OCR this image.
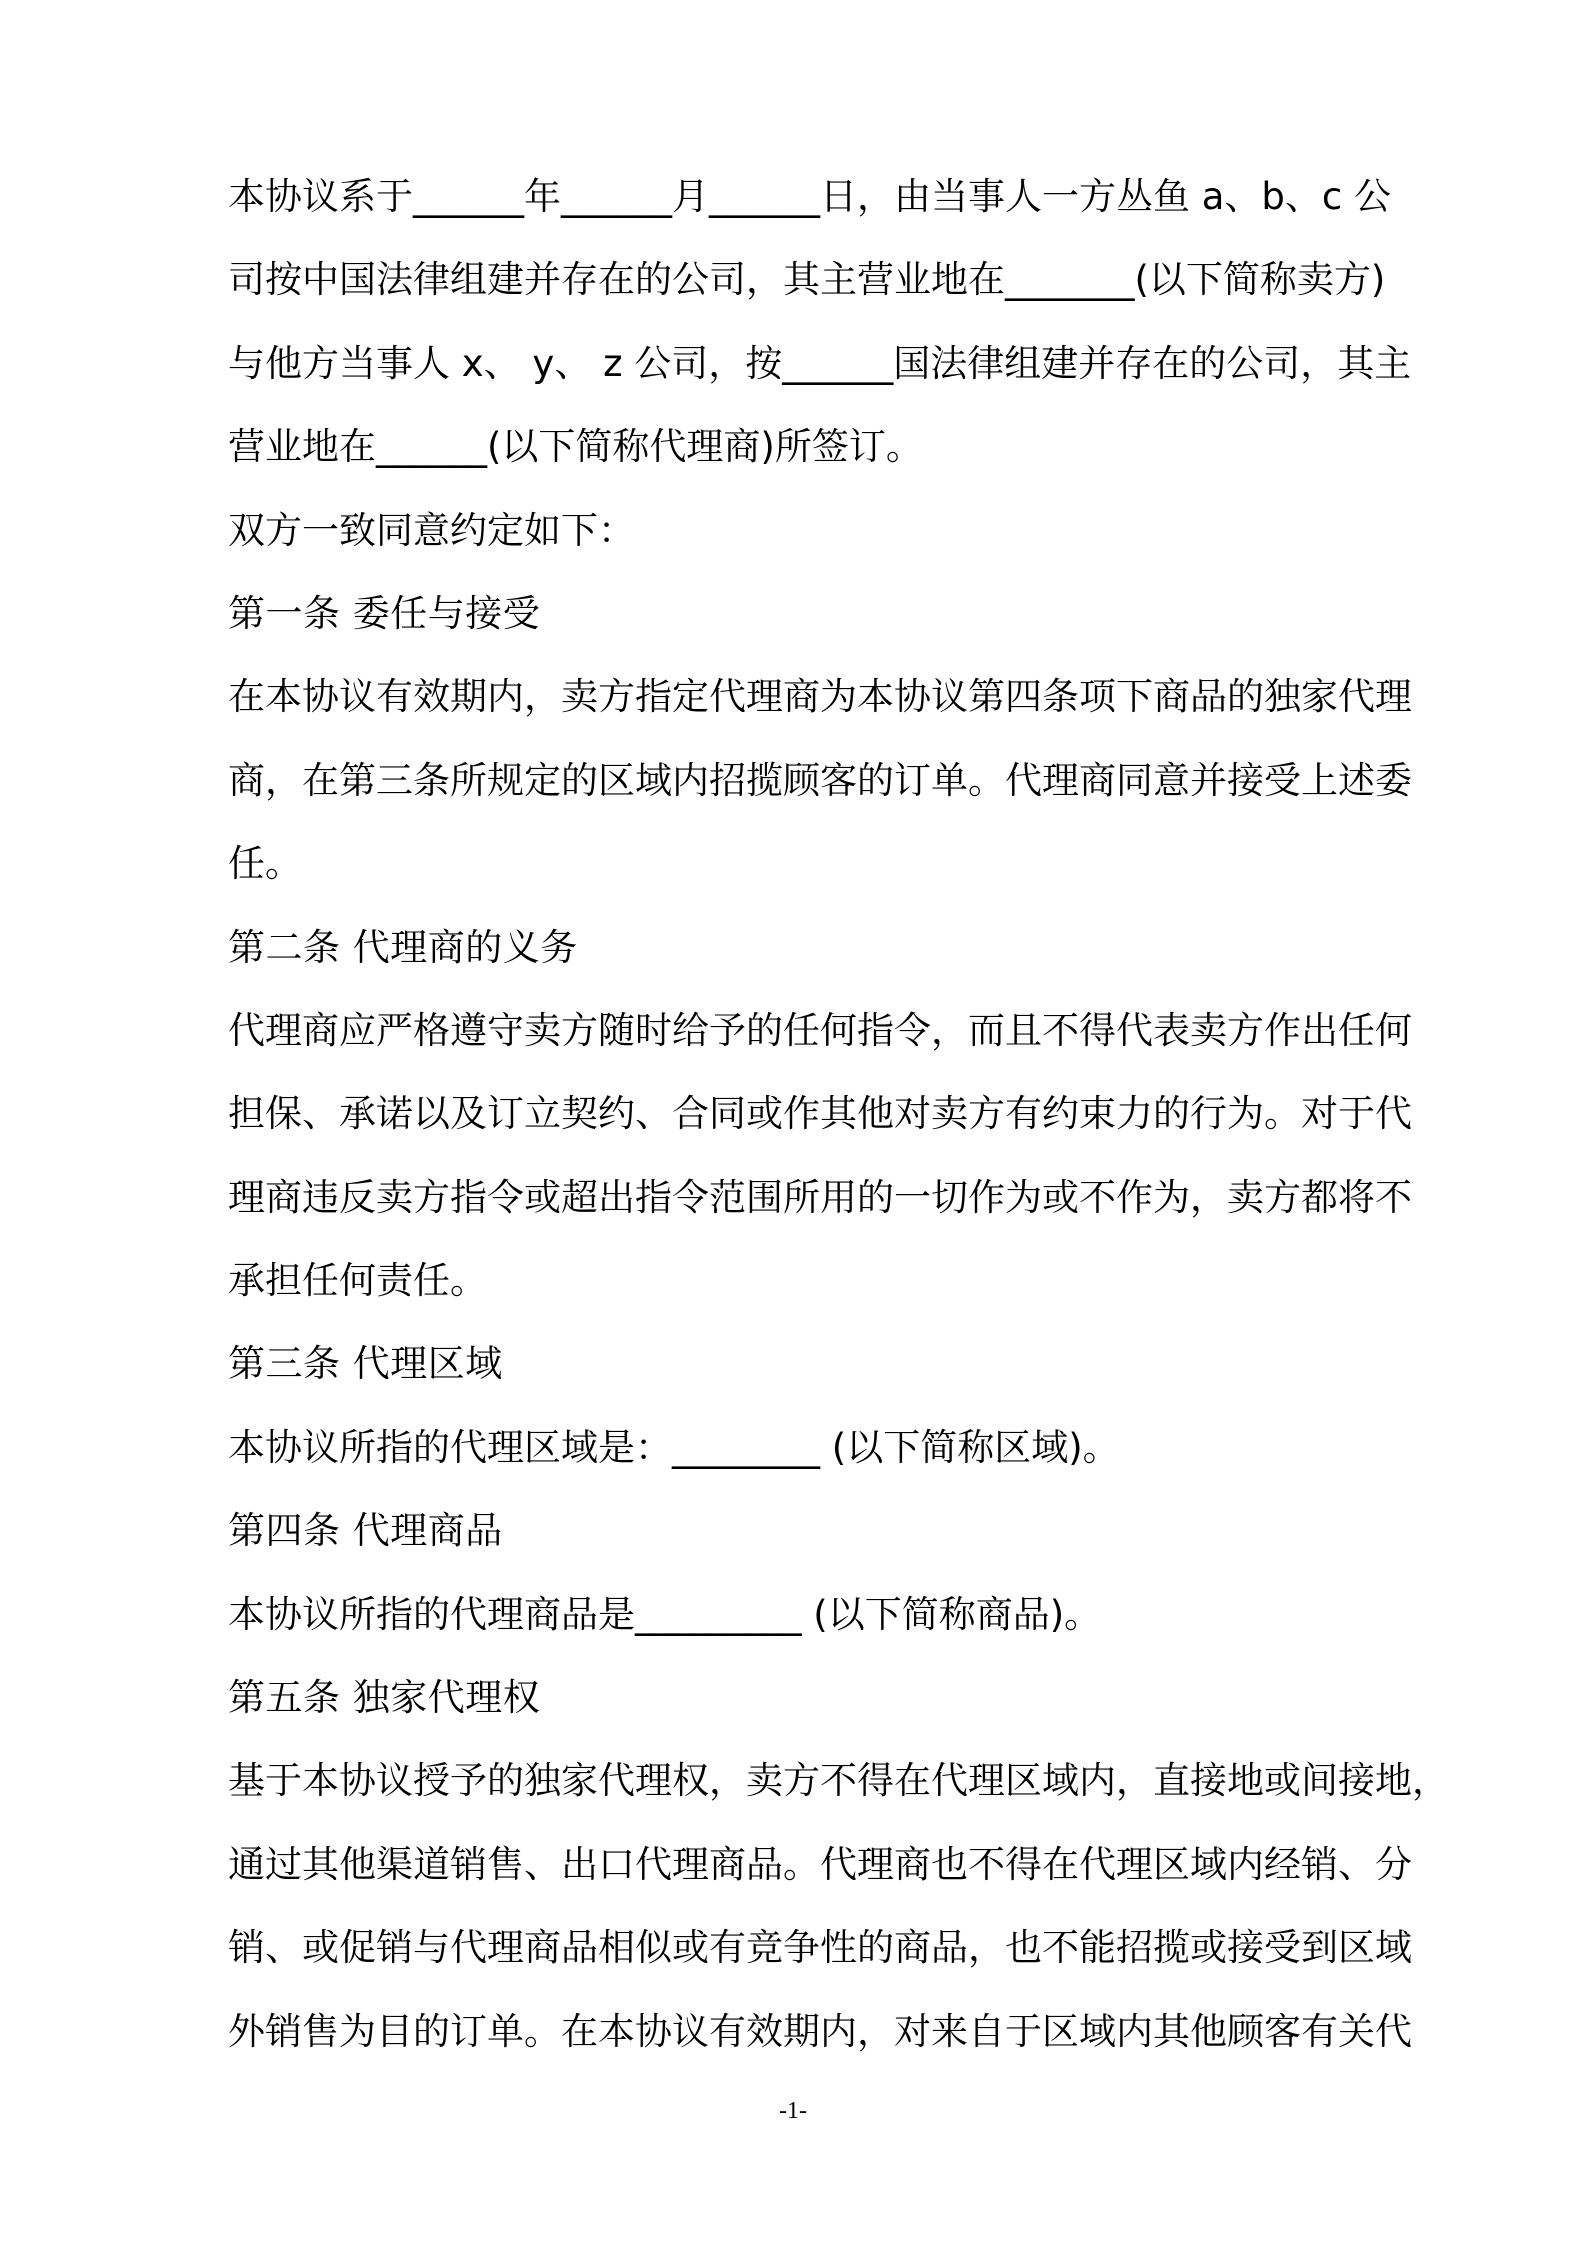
本协议系于______年______月______日，由当事人一方丛鱼 a、b、c 公
司按中国法律组建并存在的公司，其主营业地在_______(以下简称卖方)
与他方当事人 x、 y、 z 公司，按______国法律组建并存在的公司，其主
营业地在______(以下简称代理商)所签订。
双方一致同意约定如下：
第一条 委任与接受
在本协议有效期内，卖方指定代理商为本协议第四条项下商品的独家代理
商，在第三条所规定的区域内招揽顾客的订单。代理商同意并接受上述委
任。
第二条 代理商的义务
代理商应严格遵守卖方随时给予的任何指令，而且不得代表卖方作出任何
担保、承诺以及订立契约、合同或作其他对卖方有约束力的行为。对于代
理商违反卖方指令或超出指令范围所用的一切作为或不作为，卖方都将不
承担任何责任。
第三条 代理区域
本协议所指的代理区域是：________ (以下简称区域)。
第四条 代理商品
本协议所指的代理商品是_________ (以下简称商品)。
第五条 独家代理权
基于本协议授予的独家代理权，卖方不得在代理区域内，直接地或间接地，
通过其他渠道销售、出口代理商品。代理商也不得在代理区域内经销、分
销、或促销与代理商品相似或有竞争性的商品，也不能招揽或接受到区域
外销售为目的订单。在本协议有效期内，对来自于区域内其他顾客有关代
-1-
